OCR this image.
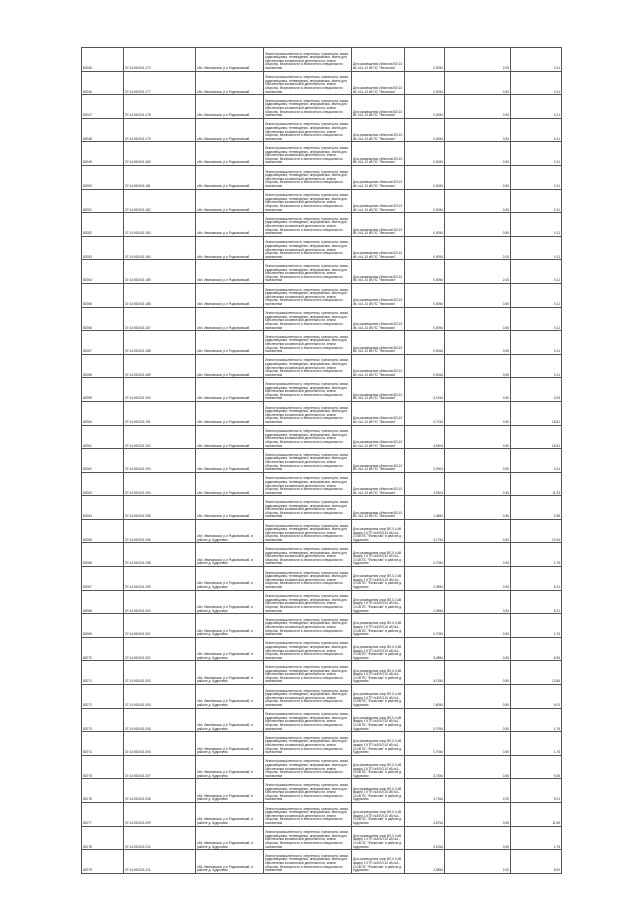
82045	37:14:051001:173	обл. Ивановская, р-н Родниковский	Земли промышленности, энергетики, транспорта, связи, радиовещания, телевидения, информатики, земли для обеспечения космической деятельности, земли обороны, безопасности и земли иного специального назначения	Для размещения объектов ВЛ-10 кВ, №1-10 кВ ПС "Филисово"	0,0054	2,00	0,11
82046	37:14:051001:177	обл. Ивановская, р-н Родниковский	Земли промышленности, энергетики, транспорта, связи, радиовещания, телевидения, информатики, земли для обеспечения космической деятельности, земли обороны, безопасности и земли иного специального назначения	Для размещения объектов ВЛ-10 кВ, №1-10 кВ ПС "Филисово"	0,0054	0,50	0,11
82047	37:14:051001:178	обл. Ивановская, р-н Родниковский	Земли промышленности, энергетики, транспорта, связи, радиовещания, телевидения, информатики, земли для обеспечения космической деятельности, земли обороны, безопасности и земли иного специального назначения	Для размещения объектов ВЛ-10 кВ, №1-10 кВ ПС "Филисово"	0,0054	0,50	0,11
82048	37:14:051001:179	обл. Ивановская, р-н Родниковский	Земли промышленности, энергетики, транспорта, связи, радиовещания, телевидения, информатики, земли для обеспечения космической деятельности, земли обороны, безопасности и земли иного специального назначения	Для размещения объектов ВЛ-10 кВ, №1-10 кВ ПС "Филисово"	0,0054	0,50	0,11
82049	37:14:051001:180	обл. Ивановская, р-н Родниковский	Земли промышленности, энергетики, транспорта, связи, радиовещания, телевидения, информатики, земли для обеспечения космической деятельности, земли обороны, безопасности и земли иного специального назначения	Для размещения объектов ВЛ-10 кВ, №1-10 кВ ПС "Филисово"	0,0054	0,50	0,11
82050	37:14:051001:181	обл. Ивановская, р-н Родниковский	Земли промышленности, энергетики, транспорта, связи, радиовещания, телевидения, информатики, земли для обеспечения космической деятельности, земли обороны, безопасности и земли иного специального назначения	Для размещения объектов ВЛ-10 кВ, №1-10 кВ ПС "Филисово"	0,0054	0,50	0,11
82051	37:14:051001:182	обл. Ивановская, р-н Родниковский	Земли промышленности, энергетики, транспорта, связи, радиовещания, телевидения, информатики, земли для обеспечения космической деятельности, земли обороны, безопасности и земли иного специального назначения	Для размещения объектов ВЛ-10 кВ, №1-10 кВ ПС "Филисово"	0,0054	0,50	0,11
82052	37:14:051001:183	обл. Ивановская, р-н Родниковский	Земли промышленности, энергетики, транспорта, связи, радиовещания, телевидения, информатики, земли для обеспечения космической деятельности, земли обороны, безопасности и земли иного специального назначения	Для размещения объектов ВЛ-10 кВ, №1-10 кВ ПС "Филисово"	0,0054	0,50	0,11
82053	37:14:051001:184	обл. Ивановская, р-н Родниковский	Земли промышленности, энергетики, транспорта, связи, радиовещания, телевидения, информатики, земли для обеспечения космической деятельности, земли обороны, безопасности и земли иного специального назначения	Для размещения объектов ВЛ-10 кВ, №1-10 кВ ПС "Филисово"	0,0054	2,00	0,11
82054	37:14:051001:185	обл. Ивановская, р-н Родниковский	Земли промышленности, энергетики, транспорта, связи, радиовещания, телевидения, информатики, земли для обеспечения космической деятельности, земли обороны, безопасности и земли иного специального назначения	Для размещения объектов ВЛ-10 кВ, №1-10 кВ ПС "Филисово"	0,0054	2,00	0,11
82055	37:14:051001:186	обл. Ивановская, р-н Родниковский	Земли промышленности, энергетики, транспорта, связи, радиовещания, телевидения, информатики, земли для обеспечения космической деятельности, земли обороны, безопасности и земли иного специального назначения	Для размещения объектов ВЛ-10 кВ, №1-10 кВ ПС "Филисово"	0,0054	0,50	0,11
82056	37:14:051001:187	обл. Ивановская, р-н Родниковский	Земли промышленности, энергетики, транспорта, связи, радиовещания, телевидения, информатики, земли для обеспечения космической деятельности, земли обороны, безопасности и земли иного специального назначения	Для размещения объектов ВЛ-10 кВ, №1-10 кВ ПС "Филисово"	0,0054	0,50	0,11
82057	37:14:051001:188	обл. Ивановская, р-н Родниковский	Земли промышленности, энергетики, транспорта, связи, радиовещания, телевидения, информатики, земли для обеспечения космической деятельности, земли обороны, безопасности и земли иного специального назначения	Для размещения объектов ВЛ-10 кВ, №1-10 кВ ПС "Филисово"	0,0054	0,50	0,11
82058	37:14:051001:189	обл. Ивановская, р-н Родниковский	Земли промышленности, энергетики, транспорта, связи, радиовещания, телевидения, информатики, земли для обеспечения космической деятельности, земли обороны, безопасности и земли иного специального назначения	Для размещения объектов ВЛ-10 кВ, №1-10 кВ ПС "Филисово"	0,0054	0,50	0,11
82059	37:14:051001:190	обл. Ивановская, р-н Родниковский	Земли промышленности, энергетики, транспорта, связи, радиовещания, телевидения, информатики, земли для обеспечения космической деятельности, земли обороны, безопасности и земли иного специального назначения	Для размещения объектов ВЛ-10 кВ, №1-10 кВ ПС "Филисово"	0,1944	0,50	3,93
82060	37:14:051001:191	обл. Ивановская, р-н Родниковский	Земли промышленности, энергетики, транспорта, связи, радиовещания, телевидения, информатики, земли для обеспечения космической деятельности, земли обороны, безопасности и земли иного специального назначения	Для размещения объектов ВЛ-10 кВ, №1-10 кВ ПС "Филисово"	0,7154	0,50	18,81
82061	37:14:051001:192	обл. Ивановская, р-н Родниковский	Земли промышленности, энергетики, транспорта, связи, радиовещания, телевидения, информатики, земли для обеспечения космической деятельности, земли обороны, безопасности и земли иного специального назначения	Для размещения объектов ВЛ-10 кВ, №1-10 кВ ПС "Филисово"	4,5304	0,50	15,81
82062	37:14:051001:193	обл. Ивановская, р-н Родниковский	Земли промышленности, энергетики, транспорта, связи, радиовещания, телевидения, информатики, земли для обеспечения космической деятельности, земли обороны, безопасности и земли иного специального назначения	Для размещения объектов ВЛ-10 кВ, №1-10 кВ ПС "Филисово"	0,2904	0,50	0,11
82063	37:14:051001:194	обл. Ивановская, р-н Родниковский	Земли промышленности, энергетики, транспорта, связи, радиовещания, телевидения, информатики, земли для обеспечения космической деятельности, земли обороны, безопасности и земли иного специального назначения	Для размещения объектов ВЛ-10 кВ, №1-10 кВ ПС "Филисово"	4,5304	0,50	11,33
82064	37:14:051001:195	обл. Ивановская, р-н Родниковский	Земли промышленности, энергетики, транспорта, связи, радиовещания, телевидения, информатики, земли для обеспечения космической деятельности, земли обороны, безопасности и земли иного специального назначения	Для размещения объектов ВЛ-10 кВ, №1-10 кВ ПС "Филисово"	1,4854	0,50	2,98
82065	37:14:051001:196	обл. Ивановская, р-н Родниковский, в районе д. Кудрячево	Земли промышленности, энергетики, транспорта, связи, радиовещания, телевидения, информатики, земли для обеспечения космической деятельности, земли обороны, безопасности и земли иного специального назначения	Для размещения опор ВЛ-0,4 кВ фидер 1 КТП №8 ВЛ-10 кВ №1-10 кВ ПС "Филисово" в районе д. Кудрячево	4,1754	0,50	10,94
82066	37:14:051001:198	обл. Ивановская, р-н Родниковский, в районе д. Кудрячево	Земли промышленности, энергетики, транспорта, связи, радиовещания, телевидения, информатики, земли для обеспечения космической деятельности, земли обороны, безопасности и земли иного специального назначения	Для размещения опор ВЛ-0,4 кВ фидер 1 КТП №8 ВЛ-10 кВ №1-10 кВ ПС "Филисово" в районе д. Кудрячево	0,7054	0,50	1,76
82067	37:14:051001:199	обл. Ивановская, р-н Родниковский, в районе д. Кудрячево	Земли промышленности, энергетики, транспорта, связи, радиовещания, телевидения, информатики, земли для обеспечения космической деятельности, земли обороны, безопасности и земли иного специального назначения	Для размещения опор ВЛ-0,4 кВ фидер 1 КТП №8 ВЛ-10 кВ №1-10 кВ ПС "Филисово" в районе д. Кудрячево	2,0854	0,50	5,21
82068	37:14:051001:200	обл. Ивановская, р-н Родниковский, в районе д. Кудрячево	Земли промышленности, энергетики, транспорта, связи, радиовещания, телевидения, информатики, земли для обеспечения космической деятельности, земли обороны, безопасности и земли иного специального назначения	Для размещения опор ВЛ-0,4 кВ фидер 1 КТП №8 ВЛ-10 кВ №1-10 кВ ПС "Филисово" в районе д. Кудрячево	2,0854	0,50	5,21
82069	37:14:051001:201	обл. Ивановская, р-н Родниковский, в районе д. Кудрячево	Земли промышленности, энергетики, транспорта, связи, радиовещания, телевидения, информатики, земли для обеспечения космической деятельности, земли обороны, безопасности и земли иного специального назначения	Для размещения опор ВЛ-0,4 кВ фидер 1 КТП №8 ВЛ-10 кВ №1-10 кВ ПС "Филисово" в районе д. Кудрячево	0,7054	0,50	1,76
82070	37:14:051001:202	обл. Ивановская, р-н Родниковский, в районе д. Кудрячево	Земли промышленности, энергетики, транспорта, связи, радиовещания, телевидения, информатики, земли для обеспечения космической деятельности, земли обороны, безопасности и земли иного специального назначения	Для размещения опор ВЛ-0,4 кВ фидер 1 КТП №8 ВЛ-10 кВ №1-10 кВ ПС "Филисово" в районе д. Кудрячево	3,4854	0,50	8,96
82071	37:14:051001:203	обл. Ивановская, р-н Родниковский, в районе д. Кудрячево	Земли промышленности, энергетики, транспорта, связи, радиовещания, телевидения, информатики, земли для обеспечения космической деятельности, земли обороны, безопасности и земли иного специального назначения	Для размещения опор ВЛ-0,4 кВ фидер 1 КТП №8 ВЛ-10 кВ №1-10 кВ ПС "Филисово" в районе д. Кудрячево	5,1354	0,50	12,84
82072	37:14:051001:204	обл. Ивановская, р-н Родниковский, в районе д. Кудрячево	Земли промышленности, энергетики, транспорта, связи, радиовещания, телевидения, информатики, земли для обеспечения космической деятельности, земли обороны, безопасности и земли иного специального назначения	Для размещения опор ВЛ-0,4 кВ фидер 1 КТП №8 ВЛ-10 кВ №1-10 кВ ПС "Филисово" в районе д. Кудрячево	7,6054	0,50	9,01
82073	37:14:051001:205	обл. Ивановская, р-н Родниковский, в районе д. Кудрячево	Земли промышленности, энергетики, транспорта, связи, радиовещания, телевидения, информатики, земли для обеспечения космической деятельности, земли обороны, безопасности и земли иного специального назначения	Для размещения опор ВЛ-0,4 кВ фидер 1 КТП №8 ВЛ-10 кВ №1-10 кВ ПС "Филисово" в районе д. Кудрячево	0,7054	0,50	1,76
82074	37:14:051001:206	обл. Ивановская, р-н Родниковский, в районе д. Кудрячево	Земли промышленности, энергетики, транспорта, связи, радиовещания, телевидения, информатики, земли для обеспечения космической деятельности, земли обороны, безопасности и земли иного специального назначения	Для размещения опор ВЛ-0,4 кВ фидер 1 КТП №8 ВЛ-10 кВ №1-10 кВ ПС "Филисово" в районе д. Кудрячево	0,7054	0,50	1,76
82075	37:14:051001:207	обл. Ивановская, р-н Родниковский, в районе д. Кудрячево	Земли промышленности, энергетики, транспорта, связи, радиовещания, телевидения, информатики, земли для обеспечения космической деятельности, земли обороны, безопасности и земли иного специального назначения	Для размещения опор ВЛ-0,4 кВ фидер 1 КТП №8 ВЛ-10 кВ №1-10 кВ ПС "Филисово" в районе д. Кудрячево	3,7454	0,50	9,36
82076	37:14:051001:208	обл. Ивановская, р-н Родниковский, в районе д. Кудрячево	Земли промышленности, энергетики, транспорта, связи, радиовещания, телевидения, информатики, земли для обеспечения космической деятельности, земли обороны, безопасности и земли иного специального назначения	Для размещения опор ВЛ-0,4 кВ фидер 1 КТП №8 ВЛ-10 кВ №1-10 кВ ПС "Филисово" в районе д. Кудрячево	3,7354	2,00	9,01
82077	37:14:051001:209	обл. Ивановская, р-н Родниковский, в районе д. Кудрячево	Земли промышленности, энергетики, транспорта, связи, радиовещания, телевидения, информатики, земли для обеспечения космической деятельности, земли обороны, безопасности и земли иного специального назначения	Для размещения опор ВЛ-0,4 кВ фидер 1 КТП №8 ВЛ-10 кВ №1-10 кВ ПС "Филисово" в районе д. Кудрячево	4,6754	0,50	11,69
82078	37:14:051001:210	обл. Ивановская, р-н Родниковский, в районе д. Кудрячево	Земли промышленности, энергетики, транспорта, связи, радиовещания, телевидения, информатики, земли для обеспечения космической деятельности, земли обороны, безопасности и земли иного специального назначения	Для размещения опор ВЛ-0,4 кВ фидер 1 КТП №8 ВЛ-10 кВ №1-10 кВ ПС "Филисово" в районе д. Кудрячево	0,1054	0,50	1,76
82079	37:14:051001:211	обл. Ивановская, р-н Родниковский, в районе д. Кудрячево	Земли промышленности, энергетики, транспорта, связи, радиовещания, телевидения, информатики, земли для обеспечения космической деятельности, земли обороны, безопасности и земли иного специального назначения	Для размещения опор ВЛ-0,4 кВ фидер 1 КТП №8 ВЛ-10 кВ №1-10 кВ ПС "Филисово" в районе д. Кудрячево	2,0854	2,00	8,00
